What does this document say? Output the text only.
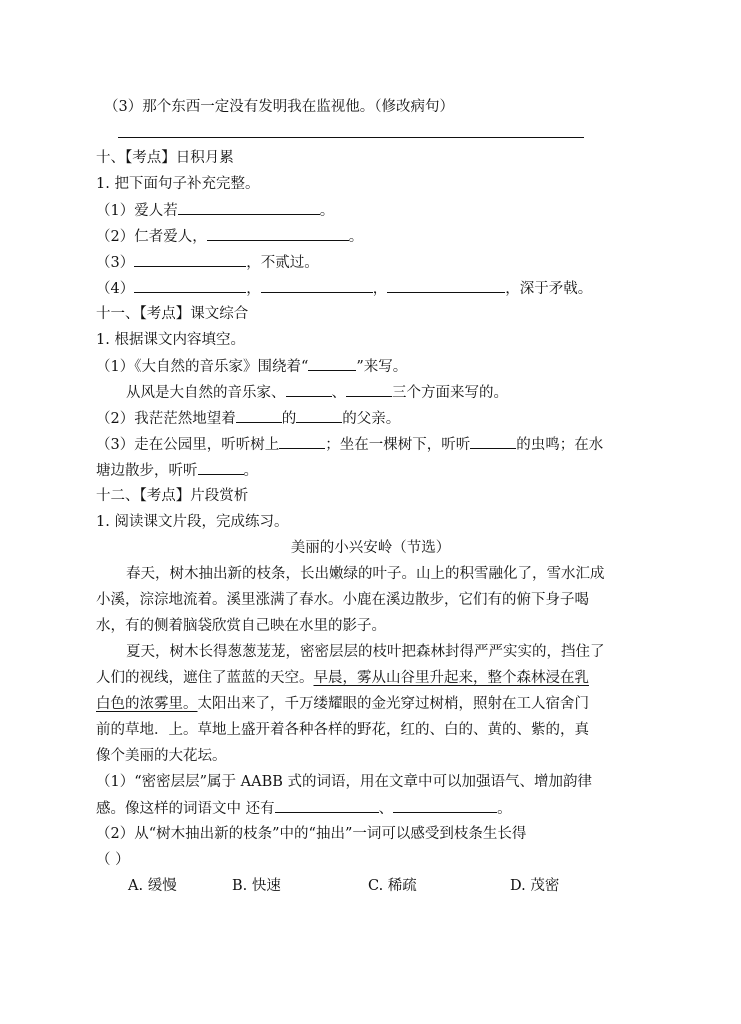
（3）那个东西一定没有发明我在监视他。（修改病句）
十、【考点】日积月累
1. 把下面句子补充完整。
（1）爱人若	。
（2）仁者爱人，	。
（3）	，不贰过。
（4）	，	，	，深于矛戟。
十一、【考点】课文综合
1. 根据课文内容填空。
（1）《大自然的音乐家》围绕着“	”来写。
从风是大自然的音乐家、	、	三个方面来写的。
（2）我茫茫然地望着	的	的父亲。
（3）走在公园里，听听树上	；坐在一棵树下，听听	的虫鸣；在水
塘边散步，听听	。
十二、【考点】片段赏析
1. 阅读课文片段，完成练习。
美丽的小兴安岭（节选）
春天，树木抽出新的枝条，长出嫩绿的叶子。山上的积雪融化了，雪水汇成
小溪，淙淙地流着。溪里涨满了春水。小鹿在溪边散步，它们有的俯下身子喝
水，有的侧着脑袋欣赏自己映在水里的影子。
夏天，树木长得葱葱茏茏，密密层层的枝叶把森林封得严严实实的，挡住了
人们的视线，遮住了蓝蓝的天空。早晨，雾从山谷里升起来，整个森林浸在乳
白色的浓雾里。太阳出来了，千万缕耀眼的金光穿过树梢，照射在工人宿舍门
前的草地．上。草地上盛开着各种各样的野花，红的、白的、黄的、紫的，真
像个美丽的大花坛。
（1）“密密层层”属于 AABB 式的词语，用在文章中可以加强语气、增加韵律
感。像这样的词语文中 还有	、	。
（2）从“树木抽出新的枝条”中的“抽出”一词可以感受到枝条生长得
（ ）
A. 缓慢	B. 快速	C. 稀疏	D. 茂密
